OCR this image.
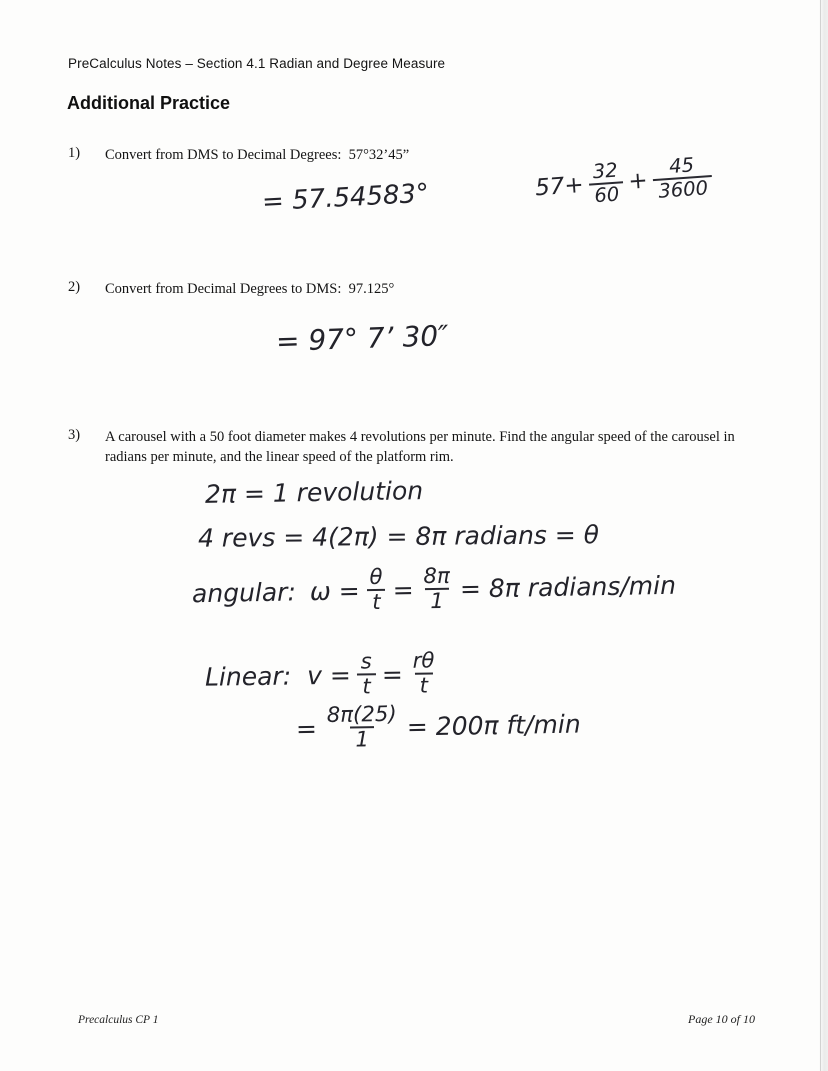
PreCalculus Notes – Section 4.1 Radian and Degree Measure
Additional Practice
1) Convert from DMS to Decimal Degrees:  57°32’45”
= 57.54583°	$57+ \frac{32}{60} + \frac{45}{3600}$
2) Convert from Decimal Degrees to DMS:  97.125°
= 97° 7’ 30″
3) A carousel with a 50 foot diameter makes 4 revolutions per minute. Find the angular speed of the carousel in radians per minute, and the linear speed of the platform rim.
2π = 1 revolution
4 revs = 4(2π) = 8π radians = θ
angular: $\omega = \frac{\theta}{t} = \frac{8\pi}{1} = 8\pi$ radians/min
Linear: $v = \frac{s}{t} = \frac{r\theta}{t}$
= $\frac{8\pi(25)}{1} = 200\pi$ ft/min
Precalculus CP 1	Page 10 of 10
